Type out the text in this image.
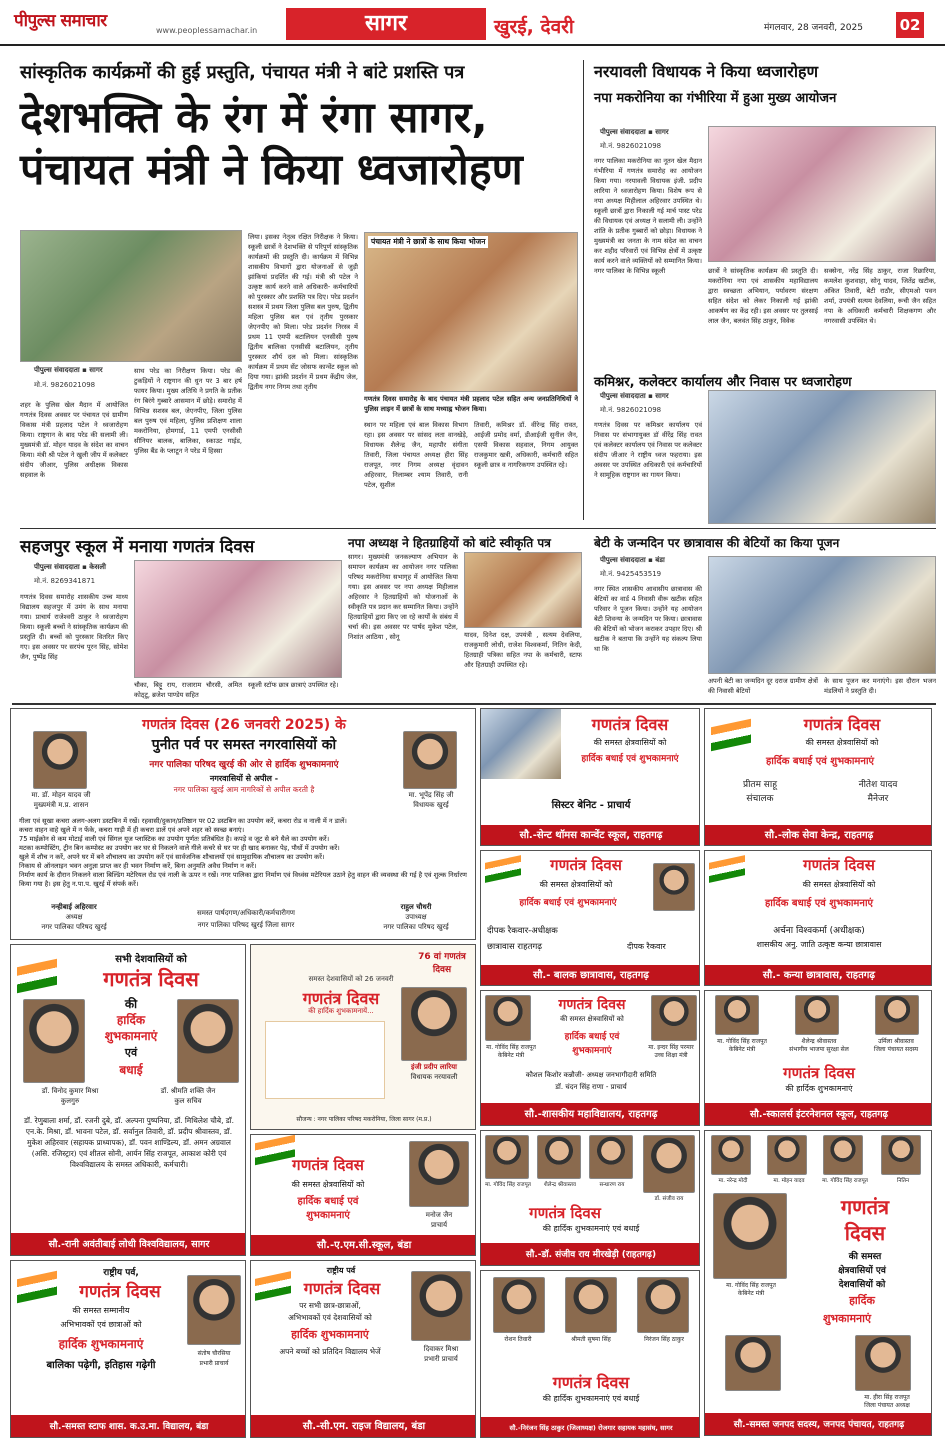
पीपुल्स समाचार	www.peoplessamachar.in	सागर	खुरई, देवरी	मंगलवार, 28 जनवरी, 2025 02
सांस्कृतिक कार्यक्रमों की हुई प्रस्तुति, पंचायत मंत्री ने बांटे प्रशस्ति पत्र
देशभक्ति के रंग में रंगा सागर, पंचायत मंत्री ने किया ध्वजारोहण
पीपुल्स संवाददाता ▪ सागर
मो.नं. 9826021098
शहर के पुलिस खेल मैदान में आयोजित गणतंत्र दिवस अवसर पर पंचायत एवं ग्रामीण विकास मंत्री प्रहलाद पटेल ने ध्वजारोहण किया। राष्ट्रगान के बाद परेड की सलामी ली। मुख्यमंत्री डॉ. मोहन यादव के संदेश का वाचन किया। मंत्री श्री पटेल ने खुली जीप में कलेक्टर संदीप जीआर, पुलिस अधीक्षक विकास सहवाल के
साथ परेड का निरीक्षण किया। परेड की टुकड़ियों ने राष्ट्रगान की धुन पर 3 बार हर्ष फायर किया। मुख्य अतिथि ने प्रगति के प्रतीक रंग बिरंगे गुब्बारे आसमान में छोड़े। समारोह में विभिन्न सशस्त्र बल, जेएनपीए, जिला पुलिस बल पुरुष एवं महिला, पुलिस प्रशिक्षण शाला मकरोनिया, होमगार्ड, 11 एमपी एनसीसी सीनियर बालक, बालिका, स्काउट गाईड, पुलिस बैंड के प्लाटून ने परेड में हिस्सा
लिया। इसका नेतृत्व रक्षित निरीक्षक ने किया। स्कूली छात्रों ने देशभक्ति से परिपूर्ण सांस्कृतिक कार्यक्रमों की प्रस्तुति दी। कार्यक्रम में विभिन्न शासकीय विभागों द्वारा योजनाओं से जुड़ी झांकियां प्रदर्शित की गई। मंत्री श्री पटेल ने उत्कृष्ट कार्य करने वाले अधिकारी- कर्मचारियों को पुरस्कार और प्रशस्ति पत्र दिए। परेड प्रदर्शन सशस्त्र में प्रथम जिला पुलिस बल पुरुष, द्वितीय महिला पुलिस बल एवं तृतीय पुरस्कार जेएनपीए को मिला। परेड प्रदर्शन निरस्त्र में प्रथम 11 एमपी बटालियन एनसीसी पुरुष द्वितीय बालिका एनसीसी बटालियन, तृतीय पुरस्कार शौर्य दल को मिला। सांस्कृतिक कार्यक्रम में प्रथम सेंट जोसफ कान्वेंट स्कूल को दिया गया। झांकी प्रदर्शन में प्रथम केंद्रीय जेल, द्वितीय नगर निगम तथा तृतीय
पंचायत मंत्री ने छात्रों के साथ किया भोजन
गणतंत्र दिवस समारोह के बाद पंचायत मंत्री प्रहलाद पटेल सहित अन्य जनप्रतिनिधियों ने पुलिस लाइन में छात्रों के साथ मध्याह्न भोजन किया।
स्थान पर महिला एवं बाल विकास विभाग रहा। इस अवसर पर सांसद लता वानखेड़े, विधायक शैलेन्द्र जैन, महापौर संगीता तिवारी, जिला पंचायत अध्यक्ष हीरा सिंह राजपूत, नगर निगम अध्यक्ष वृंदावन अहिरवार, निलाम्बर श्याम तिवारी, रानी पटेल, सुशील
तिवारी, कमिश्नर डॉ. वीरेन्द्र सिंह रावत, आईजी प्रमोद वर्मा, डीआईजी सुनील जैन, एसपी विकास सहवाल, निगम आयुक्त राजकुमार खत्री, अधिकारी, कर्मचारी सहित स्कूली छात्र व नागरिकगण उपस्थित रहे।
नरयावली विधायक ने किया ध्वजारोहण
नपा मकरोनिया का गंभीरिया में हुआ मुख्य आयोजन
पीपुल्स संवाददाता ▪ सागर
मो.नं. 9826021098
नगर पालिका मकरोनिया का नूतन खेल मैदान गंभीरिया में गणतंत्र समारोह का आयोजन किया गया। नरयावली विधायक इंजी. प्रदीप लारिया ने ध्वजारोहण किया। विशेष रूप से नपा अध्यक्ष मिहीलाल अहिरवार उपस्थित थे। स्कूली छात्रों द्वारा निकाली गई मार्च पास्ट परेड की विधायक एवं अध्यक्ष ने सलामी ली। उन्होंने शांति के प्रतीक गुब्बारों को छोड़ा। विधायक ने मुख्यमंत्री का जनता के नाम संदेश का वाचन कर शहीद परिवारों एवं विभिन्न क्षेत्रों में उत्कृष्ट कार्य करने वाले व्यक्तियों को सम्मानित किया। नगर पालिका के विभिन्न स्कूली	छात्रों ने सांस्कृतिक कार्यक्रम की प्रस्तुति दी। मकरोनिया नपा एवं शासकीय महाविद्यालय द्वारा स्वच्छता अभियान, पर्यावरण संरक्षण सहित संदेश को लेकर निकाली गई झांकी आकर्षण का केंद्र रही। इस अवसर पर तुलसाई लाल जैन, बलवंत सिंह ठाकुर, विवेक
सक्सेना, नरेंद्र सिंह ठाकुर, राजा रिछारिया, कमलेश कुशवाहा, सोनू यादव, जितेंद्र खटीक, अंकित तिवारी, बेटी राठौर, सीएमओ पवन शर्मा, उपयंत्री सत्यम देवलिया, रूची जैन सहित नपा के अधिकारी कर्मचारी शिक्षकगण और नगरवासी उपस्थित थे।
कमिश्नर, कलेक्टर कार्यालय और निवास पर ध्वजारोहण
पीपुल्स संवाददाता ▪ सागर
मो.नं. 9826021098
गणतंत्र दिवस पर कमिश्नर कार्यालय एवं निवास पर संभागायुक्त डॉ वीरेंद्र सिंह रावत एवं कलेक्टर कार्यालय एवं निवास पर कलेक्टर संदीप जीआर ने राष्ट्रीय ध्वज फहराया। इस अवसर पर उपस्थित अधिकारी एवं कर्मचारियों ने सामूहिक राष्ट्रगान का गायन किया।
सहजपुर स्कूल में मनाया गणतंत्र दिवस
पीपुल्स संवाददाता ▪ केसली
मो.नं. 8269341871
गणतंत्र दिवस समारोह शासकीय उच्च माध्य विद्यालय सहजपुर में उमंग के साथ मनाया गया। प्राचार्य राजेश्वरी ठाकुर ने ध्वजारोहण किया। स्कूली बच्चों ने सांस्कृतिक कार्यक्रम की प्रस्तुति दी। बच्चों को पुरस्कार वितरित किए गए। इस अवसर पर सरपंच पूरन सिंह, सोमेश जैन, पुष्पेंद्र सिंह
चौका, बिट्टू राय, राजाराम चौरसी, अमित कोठ्टू, ब्रजेश पाण्डेय सहित
स्कूली स्टॉफ छात्र छात्राएं उपस्थित रहे।
नपा अध्यक्ष ने हितग्राहियों को बांटे स्वीकृति पत्र
सागर। मुख्यमंत्री जनकल्याण अभियान के समापन कार्यक्रम का आयोजन नगर पालिका परिषद मकरोनिया सभागृह में आयोजित किया गया। इस अवसर पर नपा अध्यक्ष मिहीलाल अहिरवार ने हितग्राहियों को योजनाओं के स्वीकृति पत्र प्रदान कर सम्मानित किया। उन्होंने हितग्राहियों द्वारा किए जा रहे कार्यों के संबंध में चर्चा की। इस अवसर पर पार्षद मुकेश पटेल, निशांत आठिया , सोनू	यादव, दिनेश दक्ष, उपयंत्री , सत्यम देवलिया, राजकुमारी लोधी, राजेश विश्वकर्मा, नितिन केदी, हितग्राही पत्रिका सहित नपा के कर्मचारी, स्टाफ और हितग्राही उपस्थित रहे।
बेटी के जन्मदिन पर छात्रावास की बेटियों का किया पूजन
पीपुल्स संवाददाता ▪ बंडा
मो.नं. 9425453519
नगर स्थित शासकीय आवासीय छात्रावास की बेटियों का वार्ड 4 निवासी वीरू खटीक सहित परिवार ने पूजन किया। उन्होंने यह आयोजन बेटी शिवन्या के जन्मदिन पर किया। छात्रावास की बेटियों को भोजन कराकर उपहार दिए। श्री खटीक ने बताया कि उन्होंने यह संकल्प लिया था कि
अपनी बेटी का जन्मदिन दूर दराज ग्रामीण क्षेत्रों की निवासी बेटियों
के साथ पूजन कर मनाएंगे। इस दौरान भजन मंडलियों ने प्रस्तुति दी।
गणतंत्र दिवस (26 जनवरी 2025) के
पुनीत पर्व पर समस्त नगरवासियों को
नगर पालिका परिषद खुरई की ओर से हार्दिक शुभकामनाएं
मा. डॉ. मोहन यादव जी
मुख्यमंत्री म.प्र. शासन
मा. भूपेंद्र सिंह जी
विधायक खुरई
नगरवासियों से अपील -
नगर पालिका खुरई आम नागरिकों से अपील करती है
गीला एवं सूखा कचरा अलग-अलग डस्टबिन में रखें। रहवासी/दुकान/प्रतिष्ठान पर 02 डस्टबिन का उपयोग करें, कचरा रोड व नाली में न डालें।
कचरा वाहन वाहे खुले में न फेंके, कचरा गाड़ी में ही कचरा डालें एवं अपने शहर को स्वच्छ बनाएं।
75 माईक्रोन से कम मोटाई वाली एवं सिंगल यूज प्लास्टिक का उपयोग पूर्णतः प्रतिबंधित है। कपड़े व जूट से बने थैले का उपयोग करें।
मटका कम्पोस्टिंग, ट्रीन बिन कम्पोस्ट का उपयोग कर घर से निकलने वाले गीले कचरे से घर पर ही खाद बनाकर पेड़, पौधों में उपयोग करें।
खुले में शौच न करें, अपने घर में बने शौचालय का उपयोग करें एवं सार्वजनिक शौचालयों एवं सामुदायिक शौचालय का उपयोग करें।
निकाय से ऑनलाइन भवन अनुज्ञा प्राप्त कर ही भवन निर्माण करें, बिना अनुमति अवैध निर्माण न करें।
निर्माण कार्य के दौरान निकलने वाला बिल्डिंग मटेरियल रोड एवं नाली के ऊपर न रखें। नगर पालिका द्वारा निर्माण एवं विध्वंस मटेरियल उठाने हेतु वाहन की व्यवस्था की गई है एवं शुल्क निर्धारण किया गया है। इस हेतु न.पा.प. खुरई में संपर्क करें।
नन्हीबाई अहिरवार
अध्यक्ष
नगर पालिका परिषद खुरई
समस्त पार्षदगण/अधिकारी/कर्मचारीगण
नगर पालिका परिषद खुरई जिला सागर
राहुल चौधरी
उपाध्यक्ष
नगर पालिका परिषद खुरई
गणतंत्र दिवस
की समस्त क्षेत्रवासियों को
हार्दिक बधाई एवं शुभकामनाएं
सिस्टर बेनिट - प्राचार्य
सौ.-सेन्ट थॉमस कान्वेंट स्कूल, राहतगढ़
गणतंत्र दिवस
की समस्त क्षेत्रवासियों को
हार्दिक बधाई एवं शुभकामनाएं
प्रीतम साहू
संचालक
नीतेश यादव
मैनेजर
सौ.-लोक सेवा केन्द्र, राहतगढ़
गणतंत्र दिवस
की समस्त क्षेत्रवासियों को
हार्दिक बधाई एवं शुभकामनाएं
दीपक रैकवार-अधीक्षक
छात्रावास राहतगढ़	दीपक रैकवार
सौ.- बालक छात्रावास, राहतगढ़
गणतंत्र दिवस
की समस्त क्षेत्रवासियों को
हार्दिक बधाई एवं शुभकामनाएं
अर्चना विश्वकर्मा (अधीक्षक)
शासकीय अनु. जाति उत्कृष्ट कन्या छात्रावास
सौ.- कन्या छात्रावास, राहतगढ़
सभी देशवासियों को
गणतंत्र दिवस
की
हार्दिक
शुभकामनाएं
एवं
बधाई
डॉ. विनोद कुमार मिश्रा
कुलगुरु
डॉ. श्रीमति शक्ति जैन
कुल सचिव
डॉ. रेणुबाला शर्मा, डॉ. रजनी दुबे, डॉ. अल्पना पुष्पनिया, डॉ. मिथिलेश चौबे, डॉ. एन.के. मिश्रा, डॉ. भावना पटेल, डॉ. सर्वानुल तिवारी, डॉ. प्रदीप श्रीवास्तव, डॉ. मुकेश अहिरवार (सहायक प्राध्यापक), डॉ. पवन शाण्डिल्य, डॉ. अमन अग्रवाल (असि. रजिस्ट्रार) एवं शीतल सोनी, आर्यन सिंह राजपूत, आकाश कोरी एवं विश्वविद्यालय के समस्त अधिकारी, कर्मचारी।
सौ.-रानी अवंतीबाई लोधी विश्वविद्यालय, सागर
76 वां गणतंत्र दिवस
समस्त देशवासियों को 26 जनवरी
गणतंत्र दिवस
की हार्दिक शुभकामनायें...
इंजी प्रदीप लारिया
विधायक नरयावली
सौजन्य : नगर पालिका परिषद मकरोनिया, जिला सागर (म.प्र.)
गणतंत्र दिवस
की समस्त क्षेत्रवासियों को
हार्दिक बधाई एवं
शुभकामनाएं	मनोज जैन
प्राचार्य
सौ.-ए.एम.सी.स्कूल, बंडा
मा. गोविंद सिंह राजपूत
केबिनेट मंत्री
गणतंत्र दिवस
की समस्त क्षेत्रवासियों को
हार्दिक बधाई एवं
शुभकामनाएं	मा. इन्दर सिंह परमार
उच्च शिक्षा मंत्री
कौशल किशोर कन्नौजी- अध्यक्ष जनभागीदारी समिति
डॉ. चंदन सिंह राणा - प्राचार्य
सौ.-शासकीय महाविद्यालय, राहतगढ़
मा. गोविंद सिंह राजपूत
केबिनेट मंत्री
शैलेन्द्र श्रीवास्तव
संभागीय भाजपा सुरक्षा सेल
उर्मिला श्रीवास्तव
जिला पंचायत सदस्य
गणतंत्र दिवस
की हार्दिक शुभकामनाएं
सौ.-स्कालर्स इंटरनेशनल स्कूल, राहतगढ़
मा. गोविंद सिंह राजपूत	शैलेन्द्र श्रीवास्तव	सन्धारण राय
डॉ. संजीव राय
गणतंत्र दिवस
की हार्दिक शुभकामनाएं एवं बधाई
सौ.-डॉ. संजीव राय मीरखेड़ी (राहतगढ़)
मा. नरेन्द्र मोदी	मा. मोहन यादव	मा. गोविंद सिंह राजपूत	नितिन
गणतंत्र
दिवस
की समस्त
मा. गोविंद सिंह राजपूत
केबिनेट मंत्री
क्षेत्रवासियों एवं
देशवासियों को
हार्दिक
शुभकामनाएं
मा. हीरा सिंह राजपूत
जिला पंचायत अध्यक्ष
सौ.-समस्त जनपद सदस्य, जनपद पंचायत, राहतगढ़
राष्ट्रीय पर्व,
गणतंत्र दिवस
की समस्त सम्मानीय
अभिभावकों एवं छात्राओं को
हार्दिक शुभकामनाएं
बालिका पढ़ेगी, इतिहास गढ़ेगी
संतोष चौरसिया
प्रभारी प्राचार्य
सौ.-समस्त स्टाफ शास. क.उ.मा. विद्यालय, बंडा
राष्ट्रीय पर्व
गणतंत्र दिवस
पर सभी छात्र-छात्राओं,
अभिभावकों एवं देशवासियों को
हार्दिक शुभकामनाएं
अपने बच्चों को प्रतिदिन विद्यालय भेजें	दिवाकर मिश्रा
प्रभारी प्राचार्य
सौ.-सी.एम. राइज विद्यालय, बंडा
रोशन तिवारी	श्रीमती सुषमा सिंह	निरंजन सिंह ठाकुर
गणतंत्र दिवस
की हार्दिक शुभकामनाएं एवं बधाई
सौ.-निरंजन सिंह ठाकुर (जिलाध्यक्ष) रोजगार सहायक महासंघ, सागर
